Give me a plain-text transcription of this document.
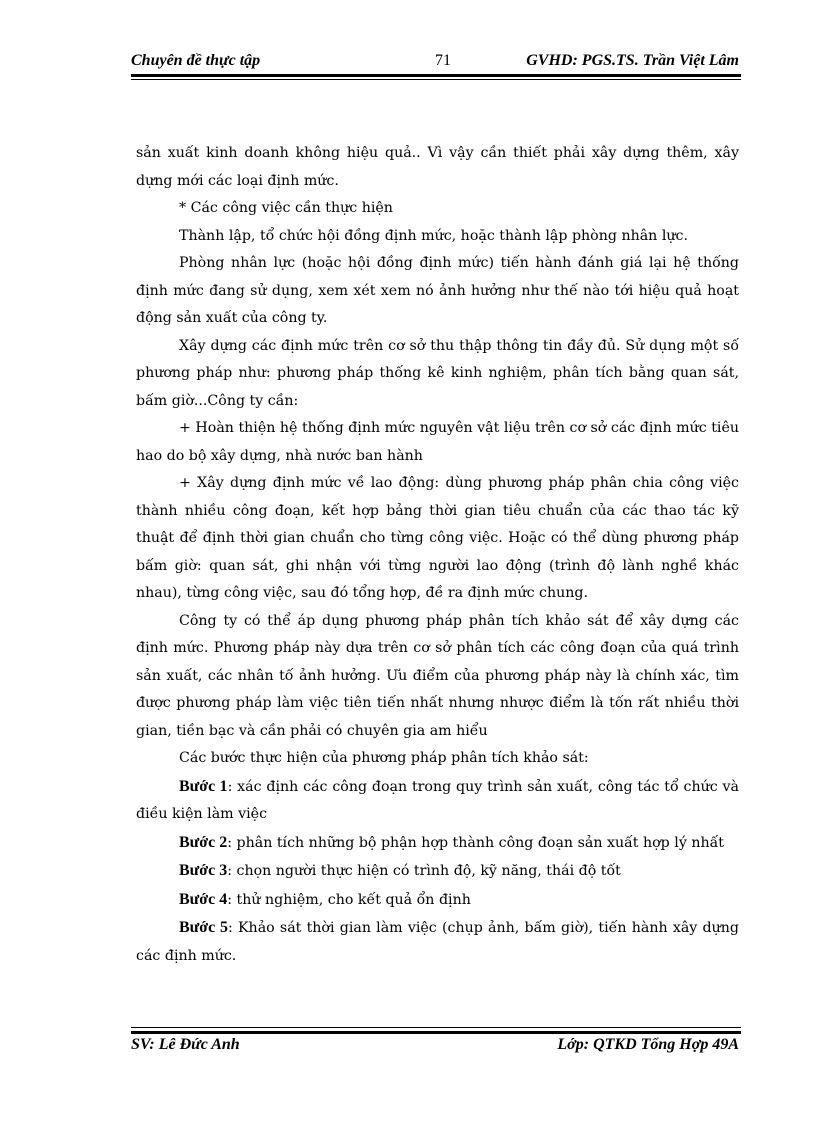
Chuyên đề thực tập	71	GVHD: PGS.TS. Trần Việt Lâm

sản xuất kinh doanh không hiệu quả.. Vì vậy cần thiết phải xây dựng thêm, xây dựng mới các loại định mức.

* Các công việc cần thực hiện

Thành lập, tổ chức hội đồng định mức, hoặc thành lập phòng nhân lực.

Phòng nhân lực (hoặc hội đồng định mức) tiến hành đánh giá lại hệ thống định mức đang sử dụng, xem xét xem nó ảnh hưởng như thế nào tới hiệu quả hoạt động sản xuất của công ty.

Xây dựng các định mức trên cơ sở thu thập thông tin đầy đủ. Sử dụng một số phương pháp như: phương pháp thống kê kinh nghiệm, phân tích bằng quan sát, bấm giờ...Công ty cần:

+ Hoàn thiện hệ thống định mức nguyên vật liệu trên cơ sở các định mức tiêu hao do bộ xây dựng, nhà nước ban hành

+ Xây dựng định mức về lao động: dùng phương pháp phân chia công việc thành nhiều công đoạn, kết hợp bảng thời gian tiêu chuẩn của các thao tác kỹ thuật để định thời gian chuẩn cho từng công việc. Hoặc có thể dùng phương pháp bấm giờ: quan sát, ghi nhận với từng người lao động (trình độ lành nghề khác nhau), từng công việc, sau đó tổng hợp, đề ra định mức chung.

Công ty có thể áp dụng phương pháp phân tích khảo sát để xây dựng các định mức. Phương pháp này dựa trên cơ sở phân tích các công đoạn của quá trình sản xuất, các nhân tố ảnh hưởng. Ưu điểm của phương pháp này là chính xác, tìm được phương pháp làm việc tiên tiến nhất nhưng nhược điểm là tốn rất nhiều thời gian, tiền bạc và cần phải có chuyên gia am hiểu

Các bước thực hiện của phương pháp phân tích khảo sát:

Bước 1: xác định các công đoạn trong quy trình sản xuất, công tác tổ chức và điều kiện làm việc

Bước 2: phân tích những bộ phận hợp thành công đoạn sản xuất hợp lý nhất

Bước 3: chọn người thực hiện có trình độ, kỹ năng, thái độ tốt

Bước 4: thử nghiệm, cho kết quả ổn định

Bước 5: Khảo sát thời gian làm việc (chụp ảnh, bấm giờ), tiến hành xây dựng các định mức.

SV: Lê Đức Anh	Lớp: QTKD Tổng Hợp 49A
